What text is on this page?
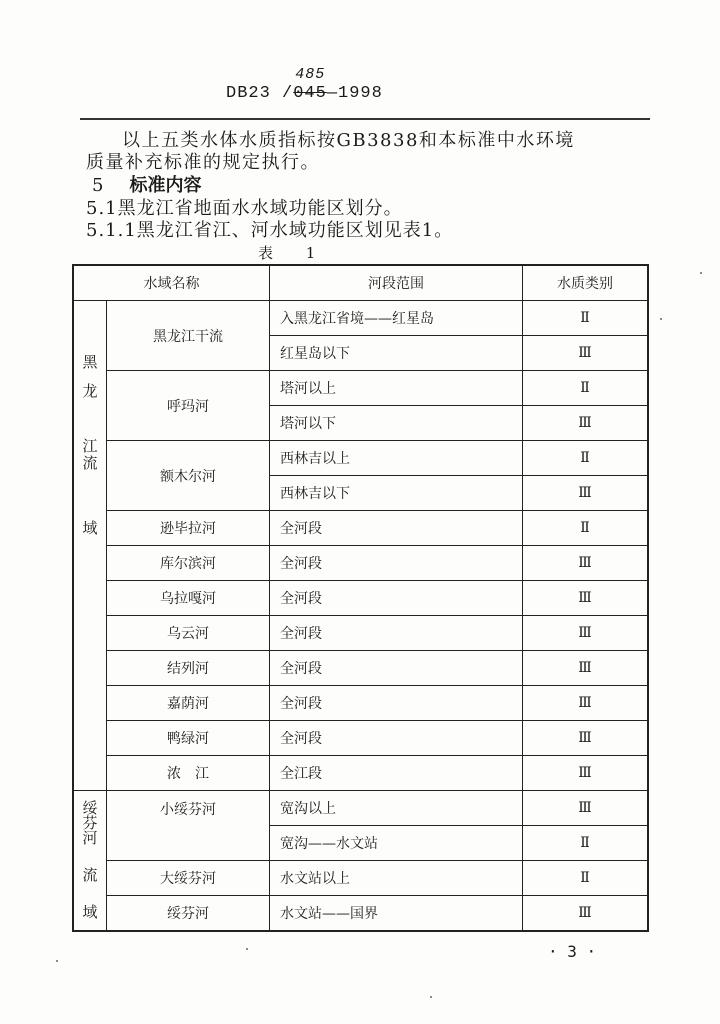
DB23 /
485
045—1998
以上五类水体水质指标按GB3838和本标准中水环境
质量补充标准的规定执行。
5 标准内容
5.1黑龙江省地面水水域功能区划分。
5.1.1黑龙江省江、河水域功能区划见表1。
表 1
水域名称		河段范围	水质类别

黑
龙
江
流
域	黑龙江干流	入黑龙江省境——红星岛	Ⅱ
		红星岛以下	Ⅲ
	呼玛河	塔河以上	Ⅱ
		塔河以下	Ⅲ
	额木尔河	西林吉以上	Ⅱ
		西林吉以下	Ⅲ
	逊毕拉河	全河段	Ⅱ
	库尔滨河	全河段	Ⅲ
	乌拉嘎河	全河段	Ⅲ
	乌云河	全河段	Ⅲ
	结列河	全河段	Ⅲ
	嘉荫河	全河段	Ⅲ
	鸭绿河	全河段	Ⅲ
	浓　江	全江段	Ⅲ

绥
芬
河
流
域	小绥芬河	宽沟以上	Ⅲ
		宽沟——水文站	Ⅱ
	大绥芬河	水文站以上	Ⅱ
	绥芬河	水文站——国界	Ⅲ
· 3 ·
